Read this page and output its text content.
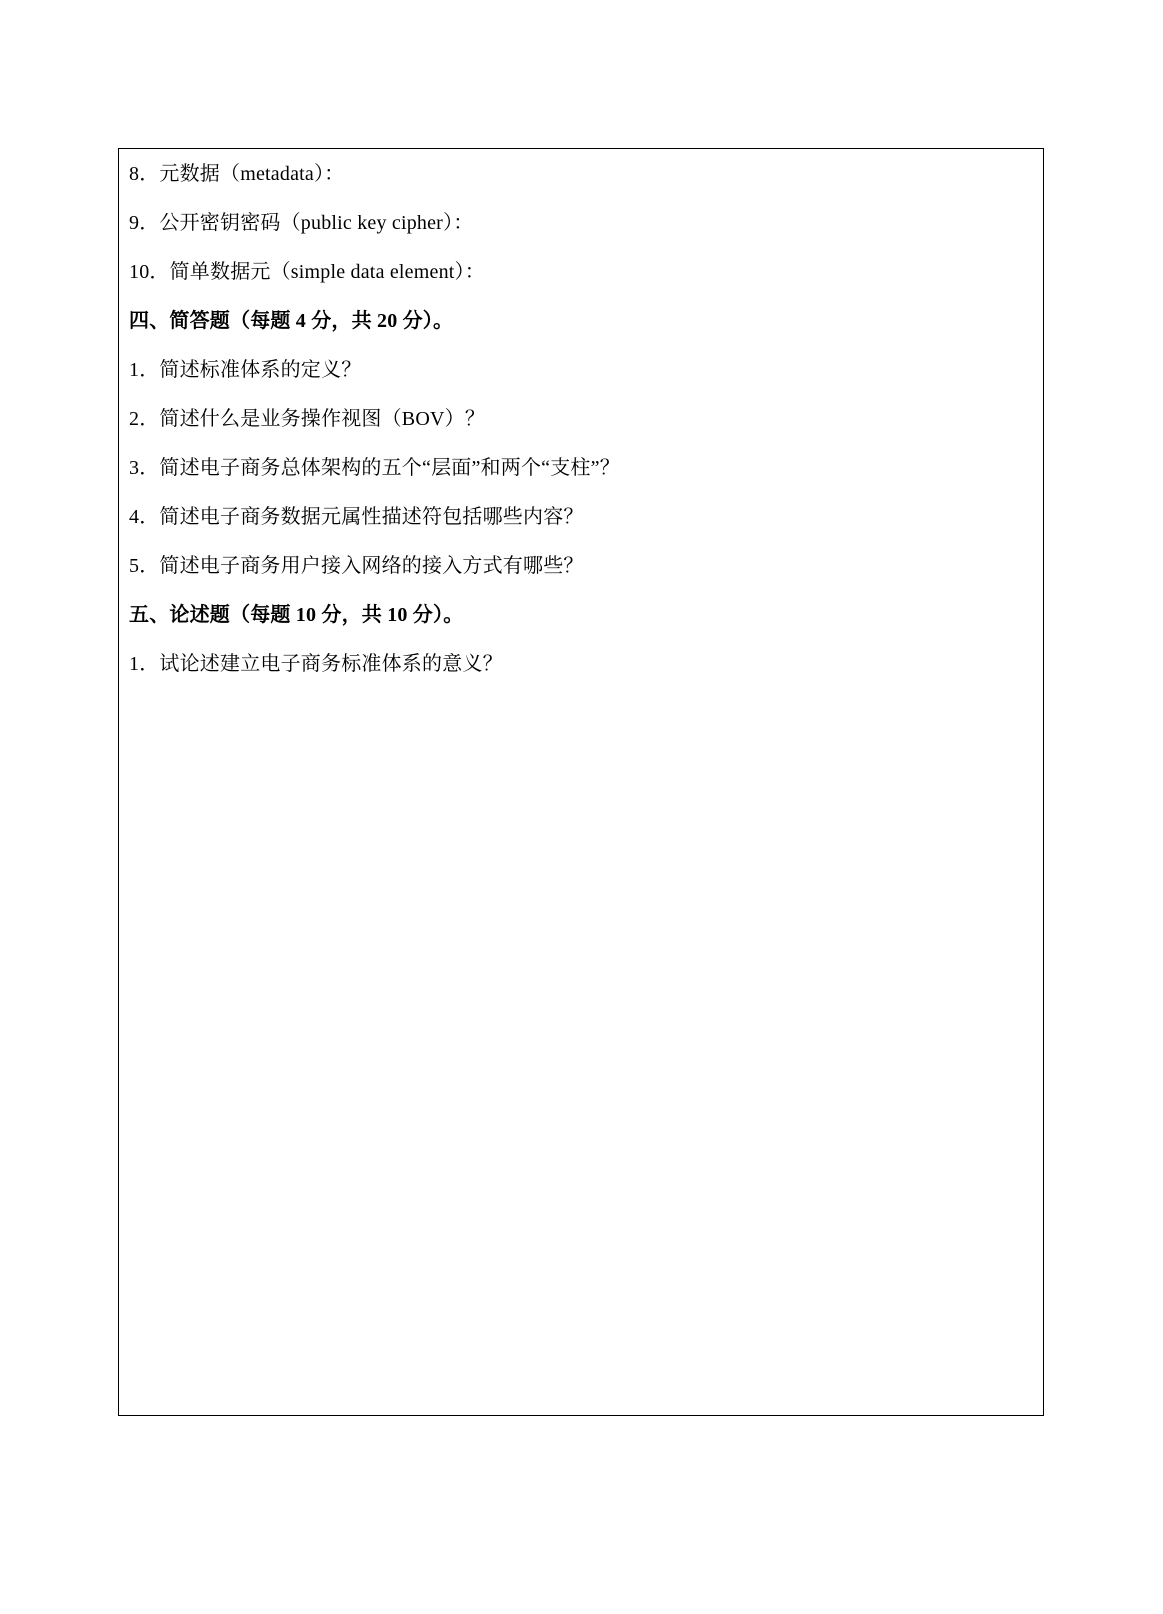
8．元数据（metadata）：
9．公开密钥密码（public key cipher）：
10．简单数据元（simple data element）：
四、简答题（每题 4 分，共 20 分）。
1．简述标准体系的定义？
2．简述什么是业务操作视图（BOV）？
3．简述电子商务总体架构的五个“层面”和两个“支柱”？
4．简述电子商务数据元属性描述符包括哪些内容？
5．简述电子商务用户接入网络的接入方式有哪些？
五、论述题（每题 10 分，共 10 分）。
1．试论述建立电子商务标准体系的意义？
